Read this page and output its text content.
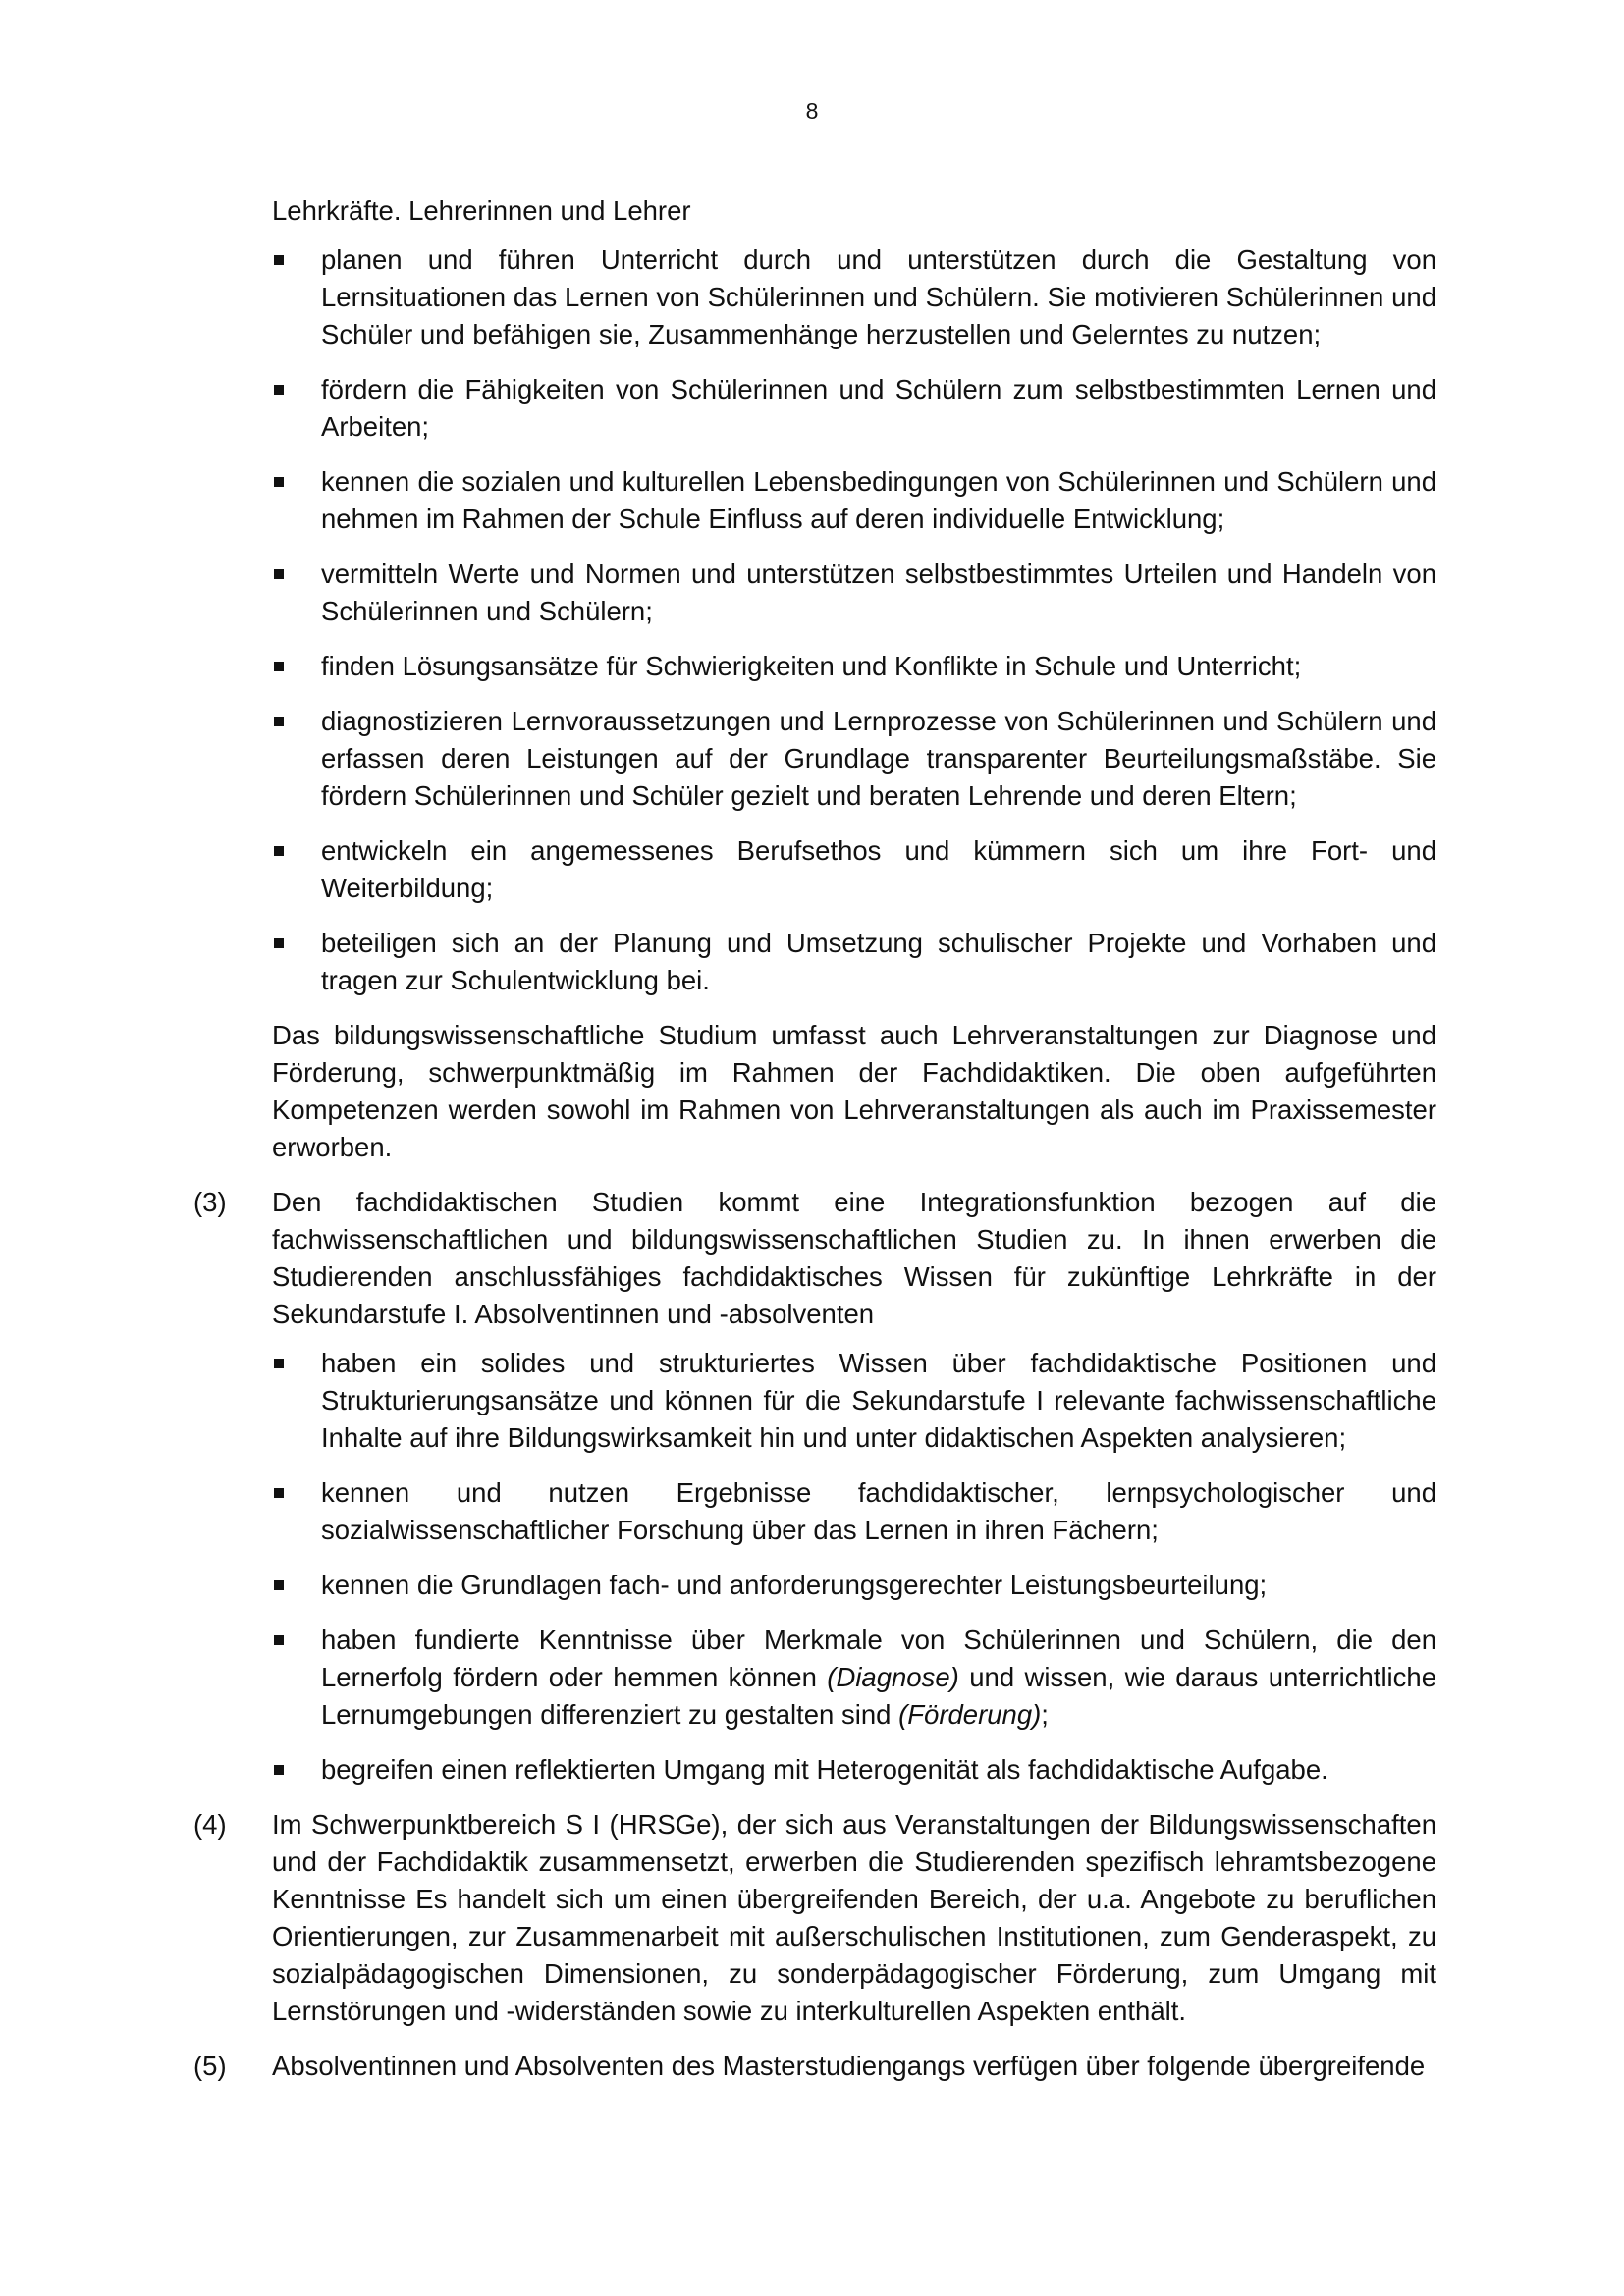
8

Lehrkräfte. Lehrerinnen und Lehrer

planen und führen Unterricht durch und unterstützen durch die Gestaltung von Lernsituationen das Lernen von Schülerinnen und Schülern. Sie motivieren Schülerinnen und Schüler und befähigen sie, Zusammenhänge herzustellen und Gelerntes zu nutzen;
fördern die Fähigkeiten von Schülerinnen und Schülern zum selbstbestimmten Lernen und Arbeiten;
kennen die sozialen und kulturellen Lebensbedingungen von Schülerinnen und Schülern und nehmen im Rahmen der Schule Einfluss auf deren individuelle Entwicklung;
vermitteln Werte und Normen und unterstützen selbstbestimmtes Urteilen und Handeln von Schülerinnen und Schülern;
finden Lösungsansätze für Schwierigkeiten und Konflikte in Schule und Unterricht;
diagnostizieren Lernvoraussetzungen und Lernprozesse von Schülerinnen und Schülern und erfassen deren Leistungen auf der Grundlage transparenter Beurteilungsmaßstäbe. Sie fördern Schülerinnen und Schüler gezielt und beraten Lehrende und deren Eltern;
entwickeln ein angemessenes Berufsethos und kümmern sich um ihre Fort- und Weiterbildung;
beteiligen sich an der Planung und Umsetzung schulischer Projekte und Vorhaben und tragen zur Schulentwicklung bei.

Das bildungswissenschaftliche Studium umfasst auch Lehrveranstaltungen zur Diagnose und Förderung, schwerpunktmäßig im Rahmen der Fachdidaktiken. Die oben aufgeführten Kompetenzen werden sowohl im Rahmen von Lehrveranstaltungen als auch im Praxissemester erworben.

(3) Den fachdidaktischen Studien kommt eine Integrationsfunktion bezogen auf die fachwissenschaftlichen und bildungswissenschaftlichen Studien zu. In ihnen erwerben die Studierenden anschlussfähiges fachdidaktisches Wissen für zukünftige Lehrkräfte in der Sekundarstufe I. Absolventinnen und -absolventen

haben ein solides und strukturiertes Wissen über fachdidaktische Positionen und Strukturierungsansätze und können für die Sekundarstufe I relevante fachwissenschaftliche Inhalte auf ihre Bildungswirksamkeit hin und unter didaktischen Aspekten analysieren;
kennen und nutzen Ergebnisse fachdidaktischer, lernpsychologischer und sozialwissenschaftlicher Forschung über das Lernen in ihren Fächern;
kennen die Grundlagen fach- und anforderungsgerechter Leistungsbeurteilung;
haben fundierte Kenntnisse über Merkmale von Schülerinnen und Schülern, die den Lernerfolg fördern oder hemmen können (Diagnose) und wissen, wie daraus unterrichtliche Lernumgebungen differenziert zu gestalten sind (Förderung);
begreifen einen reflektierten Umgang mit Heterogenität als fachdidaktische Aufgabe.
(4) Im Schwerpunktbereich S I (HRSGe), der sich aus Veranstaltungen der Bildungswissenschaften und der Fachdidaktik zusammensetzt, erwerben die Studierenden spezifisch lehramtsbezogene Kenntnisse Es handelt sich um einen übergreifenden Bereich, der u.a. Angebote zu beruflichen Orientierungen, zur Zusammenarbeit mit außerschulischen Institutionen, zum Genderaspekt, zu sozialpädagogischen Dimensionen, zu sonderpädagogischer Förderung, zum Umgang mit Lernstörungen und -widerständen sowie zu interkulturellen Aspekten enthält.

(5) Absolventinnen und Absolventen des Masterstudiengangs verfügen über folgende übergreifende
